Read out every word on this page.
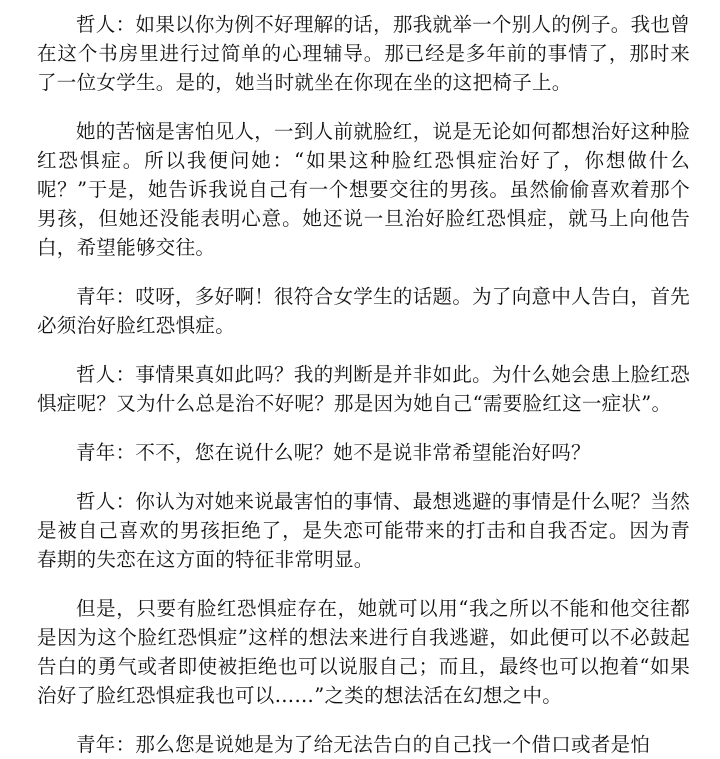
哲人：如果以你为例不好理解的话，那我就举一个别人的例子。我也曾在这个书房里进行过简单的心理辅导。那已经是多年前的事情了，那时来了一位女学生。是的，她当时就坐在你现在坐的这把椅子上。

她的苦恼是害怕见人，一到人前就脸红，说是无论如何都想治好这种脸红恐惧症。所以我便问她：“如果这种脸红恐惧症治好了，你想做什么呢？”于是，她告诉我说自己有一个想要交往的男孩。虽然偷偷喜欢着那个男孩，但她还没能表明心意。她还说一旦治好脸红恐惧症，就马上向他告白，希望能够交往。

青年：哎呀，多好啊！很符合女学生的话题。为了向意中人告白，首先必须治好脸红恐惧症。

哲人：事情果真如此吗？我的判断是并非如此。为什么她会患上脸红恐惧症呢？又为什么总是治不好呢？那是因为她自己“需要脸红这一症状”。

青年：不不，您在说什么呢？她不是说非常希望能治好吗？

哲人：你认为对她来说最害怕的事情、最想逃避的事情是什么呢？当然是被自己喜欢的男孩拒绝了，是失恋可能带来的打击和自我否定。因为青春期的失恋在这方面的特征非常明显。

但是，只要有脸红恐惧症存在，她就可以用“我之所以不能和他交往都是因为这个脸红恐惧症”这样的想法来进行自我逃避，如此便可以不必鼓起告白的勇气或者即使被拒绝也可以说服自己；而且，最终也可以抱着“如果治好了脸红恐惧症我也可以……”之类的想法活在幻想之中。

青年：那么您是说她是为了给无法告白的自己找一个借口或者是怕
